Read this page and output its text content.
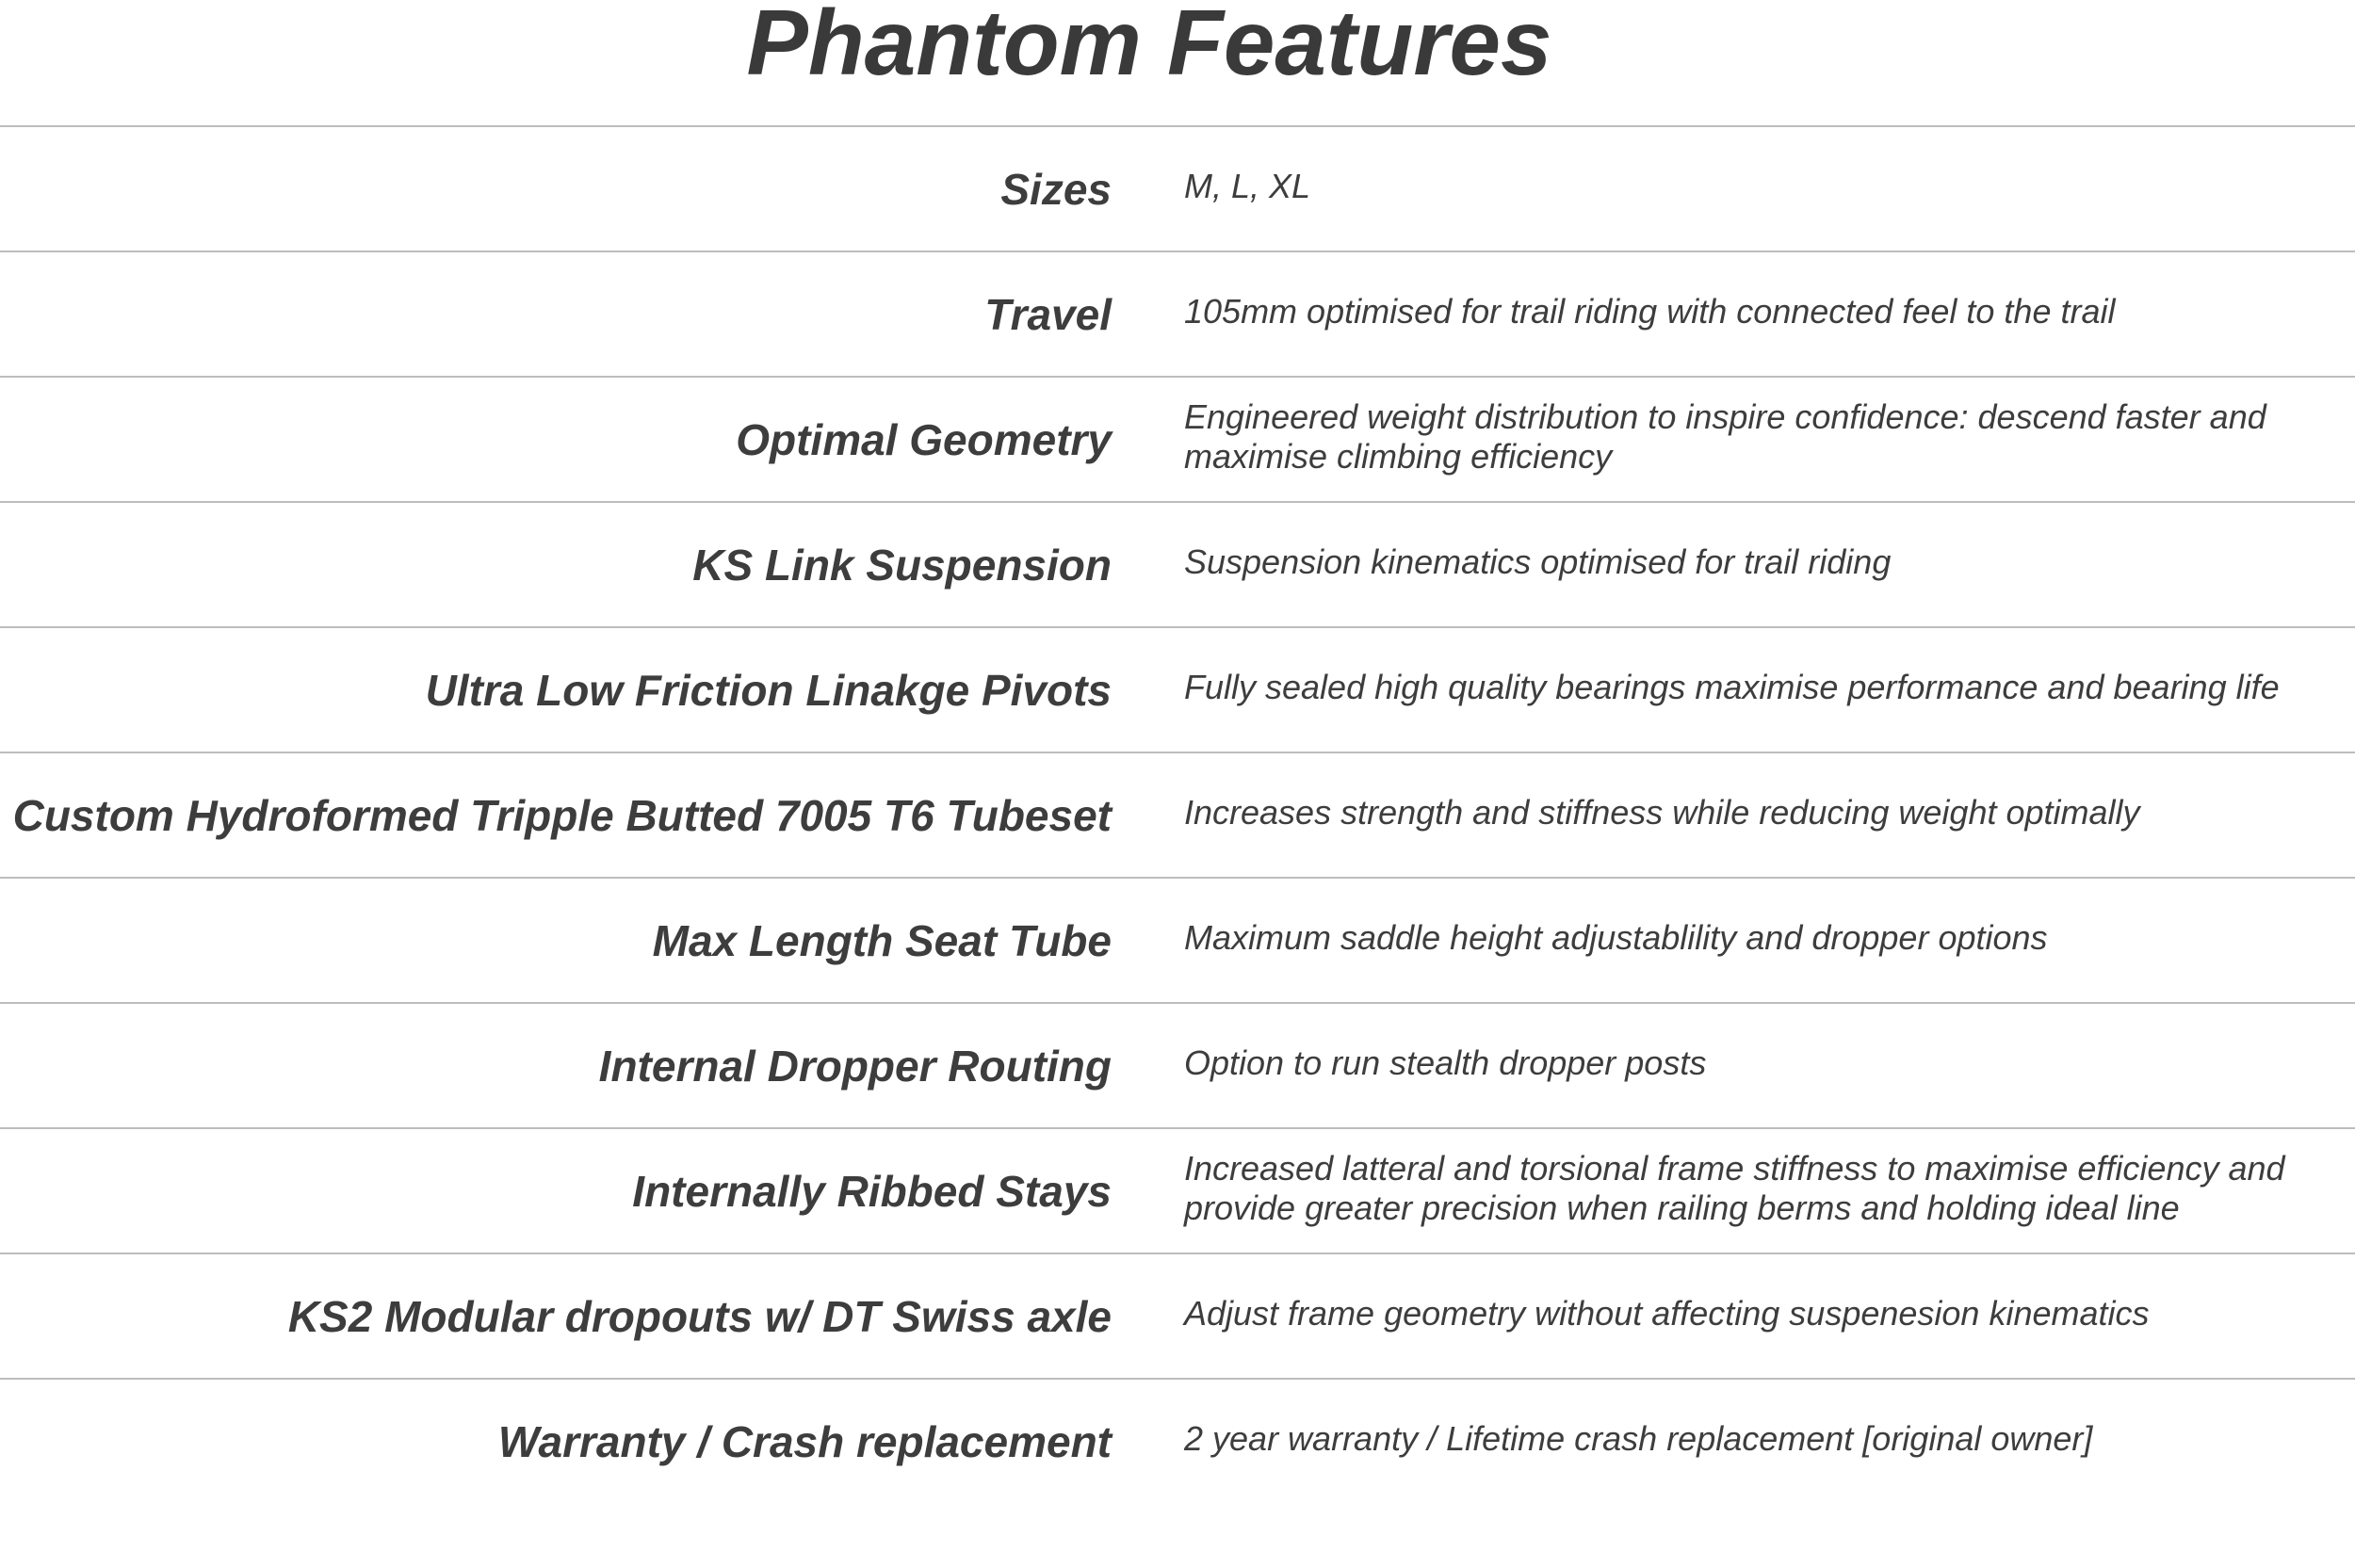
Phantom Features
Sizes M, L, XL
Travel 105mm optimised for trail riding with connected feel to the trail
Optimal Geometry Engineered weight distribution to inspire confidence: descend faster and maximise climbing efficiency
KS Link Suspension Suspension kinematics optimised for trail riding
Ultra Low Friction Linakge Pivots Fully sealed high quality bearings maximise performance and bearing life
Custom Hydroformed Tripple Butted 7005 T6 Tubeset Increases strength and stiffness while reducing weight optimally
Max Length Seat Tube Maximum saddle height adjustablility and dropper options
Internal Dropper Routing Option to run stealth dropper posts
Internally Ribbed Stays Increased latteral and torsional frame stiffness to maximise efficiency and provide greater precision when railing berms and holding ideal line
KS2 Modular dropouts w/ DT Swiss axle Adjust frame geometry without affecting suspenesion kinematics
Warranty / Crash replacement 2 year warranty / Lifetime crash replacement [original owner]
